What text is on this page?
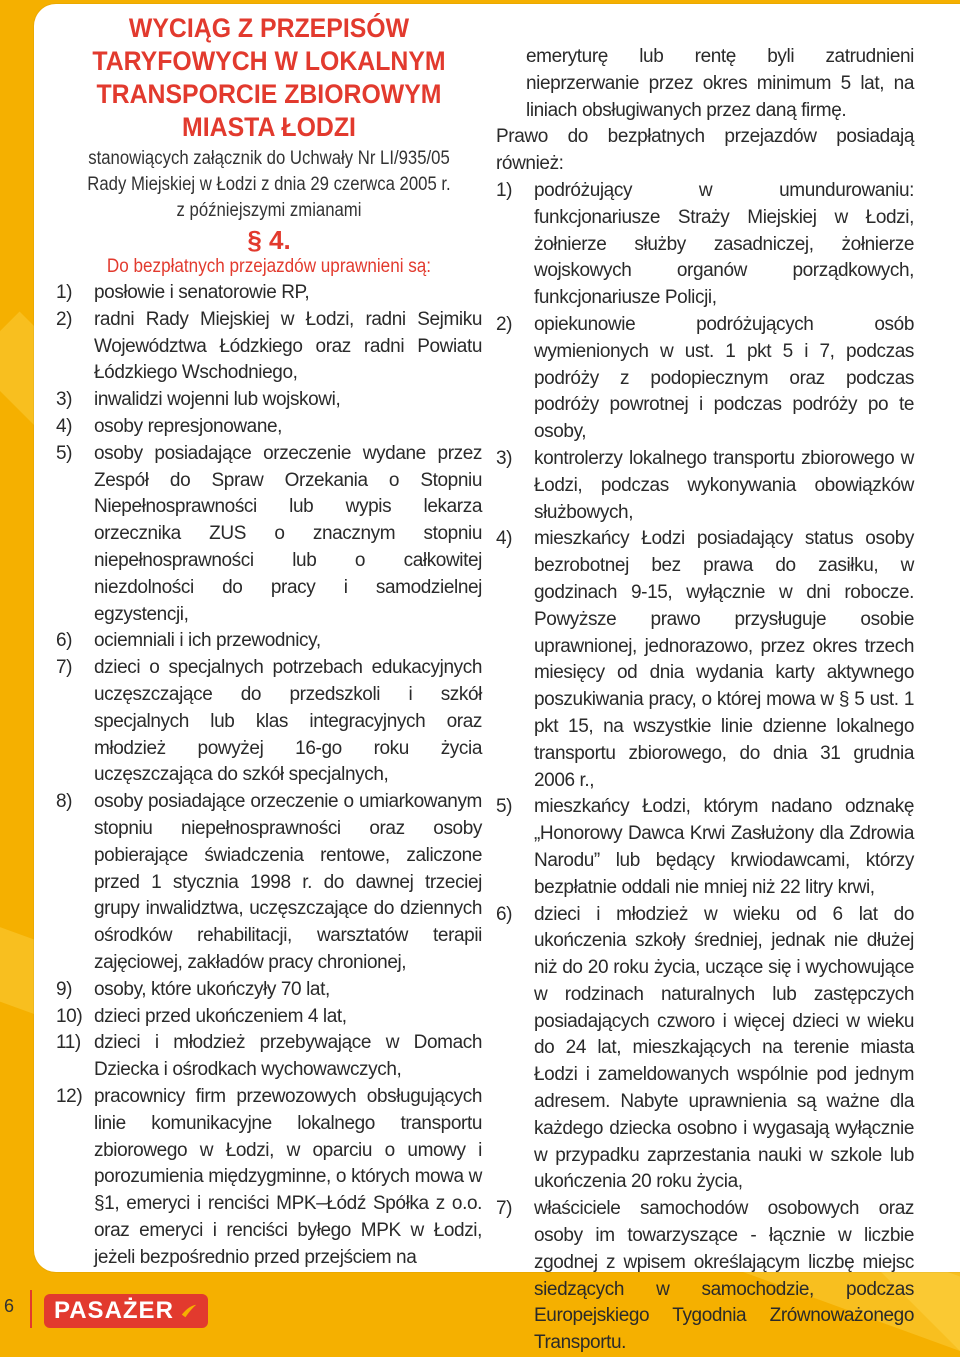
WYCIĄG Z PRZEPISÓW
TARYFOWYCH W LOKALNYM
TRANSPORCIE ZBIOROWYM
MIASTA ŁODZI
stanowiących załącznik do Uchwały Nr LI/935/05
Rady Miejskiej w Łodzi z dnia 29 czerwca 2005 r.
z późniejszymi zmianami
§ 4.
Do bezpłatnych przejazdów uprawnieni są:
1)	posłowie i senatorowie RP,
2)	radni Rady Miejskiej w Łodzi, radni Sejmiku Województwa Łódzkiego oraz radni Powiatu Łódzkiego Wschodniego,
3)	inwalidzi wojenni lub wojskowi,
4)	osoby represjonowane,
5)	osoby posiadające orzeczenie wydane przez Zespół do Spraw Orzekania o Stopniu Niepełnosprawności lub wypis lekarza orzecznika ZUS o znacznym stopniu niepełnosprawności lub o całkowitej niezdolności do pracy i samodzielnej egzystencji,
6)	ociemniali i ich przewodnicy,
7)	dzieci o specjalnych potrzebach edukacyjnych uczęszczające do przedszkoli i szkół specjalnych lub klas integracyjnych oraz młodzież powyżej 16-go roku życia uczęszczająca do szkół specjalnych,
8)	osoby posiadające orzeczenie o umiarkowanym stopniu niepełnosprawności oraz osoby pobierające świadczenia rentowe, zaliczone przed 1 stycznia 1998 r. do dawnej trzeciej grupy inwalidztwa, uczęszczające do dziennych ośrodków rehabilitacji, warsztatów terapii zajęciowej, zakładów pracy chronionej,
9)	osoby, które ukończyły 70 lat,
10) dzieci przed ukończeniem 4 lat,
11) dzieci i młodzież przebywające w Domach Dziecka i ośrodkach wychowawczych,
12) pracownicy firm przewozowych obsługujących linie komunikacyjne lokalnego transportu zbiorowego w Łodzi, w oparciu o umowy i porozumienia międzygminne, o których mowa w §1, emeryci i renciści MPK–Łódź Spółka z o.o. oraz emeryci i renciści byłego MPK w Łodzi, jeżeli bezpośrednio przed przejściem na
emeryturę lub rentę byli zatrudnieni nieprzerwanie przez okres minimum 5 lat, na liniach obsługiwanych przez daną firmę.
Prawo do bezpłatnych przejazdów posiadają również:
1)	podróżujący w umundurowaniu: funkcjonariusze Straży Miejskiej w Łodzi, żołnierze służby zasadniczej, żołnierze wojskowych organów porządkowych, funkcjonariusze Policji,
2)	opiekunowie podróżujących osób wymienionych w ust. 1 pkt 5 i 7, podczas podróży z podopiecznym oraz podczas podróży powrotnej i podczas podróży po te osoby,
3)	kontrolerzy lokalnego transportu zbiorowego w Łodzi, podczas wykonywania obowiązków służbowych,
4)	mieszkańcy Łodzi posiadający status osoby bezrobotnej bez prawa do zasiłku, w godzinach 9-15, wyłącznie w dni robocze. Powyższe prawo przysługuje osobie uprawnionej, jednorazowo, przez okres trzech miesięcy od dnia wydania karty aktywnego poszukiwania pracy, o której mowa w § 5 ust. 1 pkt 15, na wszystkie linie dzienne lokalnego transportu zbiorowego, do dnia 31 grudnia 2006 r.,
5)	mieszkańcy Łodzi, którym nadano odznakę „Honorowy Dawca Krwi Zasłużony dla Zdrowia Narodu” lub będący krwiodawcami, którzy bezpłatnie oddali nie mniej niż 22 litry krwi,
6)	dzieci i młodzież w wieku od 6 lat do ukończenia szkoły średniej, jednak nie dłużej niż do 20 roku życia, uczące się i wychowujące w rodzinach naturalnych lub zastępczych posiadających czworo i więcej dzieci w wieku do 24 lat, mieszkających na terenie miasta Łodzi i zameldowanych wspólnie pod jednym adresem. Nabyte uprawnienia są ważne dla każdego dziecka osobno i wygasają wyłącznie w przypadku zaprzestania nauki w szkole lub ukończenia 20 roku życia,
7)	właściciele samochodów osobowych oraz osoby im towarzyszące - łącznie w liczbie zgodnej z wpisem określającym liczbę miejsc siedzących w samochodzie, podczas Europejskiego Tygodnia Zrównoważonego Transportu.
6 PASAŻER
